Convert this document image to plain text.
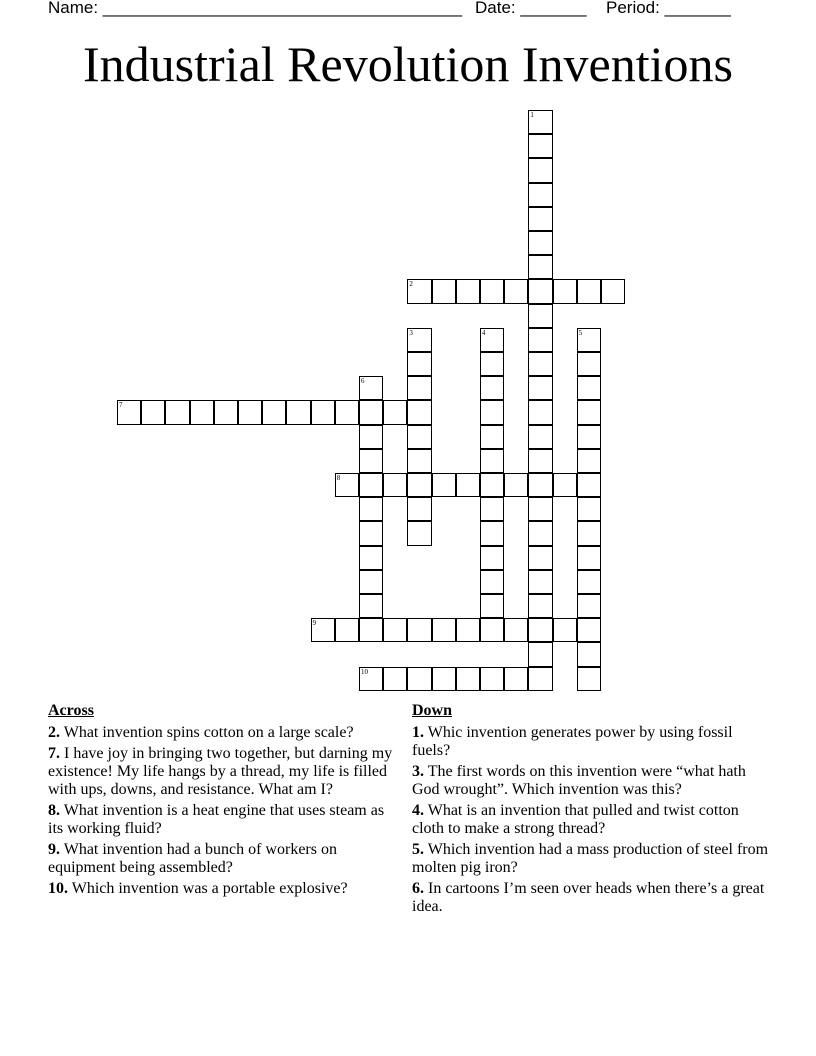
Name: ______________________________________ Date: _______ Period: _______
Industrial Revolution Inventions
1
2
3	4	5
6
7
8
9
10
Across
2. What invention spins cotton on a large scale?
7. I have joy in bringing two together, but darning my existence! My life hangs by a thread, my life is filled with ups, downs, and resistance. What am I?
8. What invention is a heat engine that uses steam as its working fluid?
9. What invention had a bunch of workers on equipment being assembled?
10. Which invention was a portable explosive?
Down
1. Whic invention generates power by using fossil fuels?
3. The first words on this invention were “what hath God wrought”. Which invention was this?
4. What is an invention that pulled and twist cotton cloth to make a strong thread?
5. Which invention had a mass production of steel from molten pig iron?
6. In cartoons I’m seen over heads when there’s a great idea.
